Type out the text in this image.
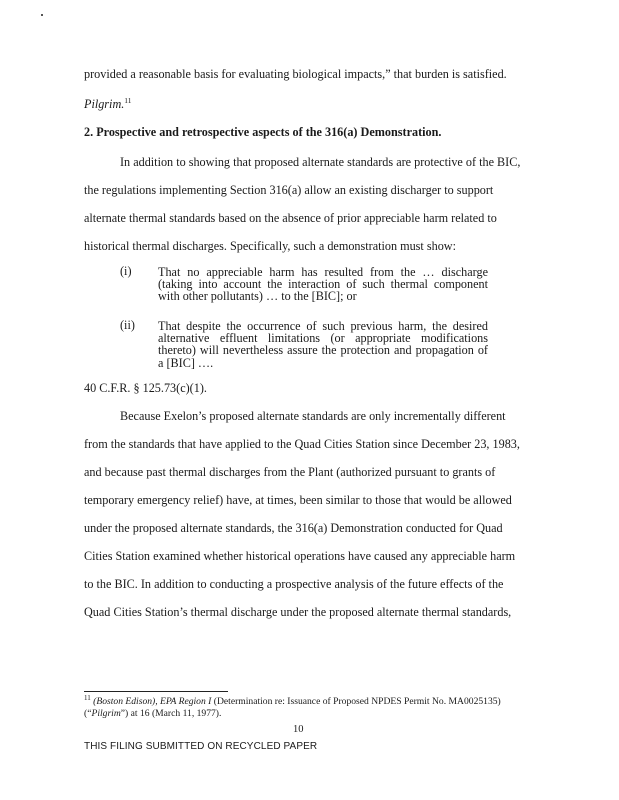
provided a reasonable basis for evaluating biological impacts,” that burden is satisfied.
Pilgrim.$^{11}$
2. Prospective and retrospective aspects of the 316(a) Demonstration.
In addition to showing that proposed alternate standards are protective of the BIC,
the regulations implementing Section 316(a) allow an existing discharger to support
alternate thermal standards based on the absence of prior appreciable harm related to
historical thermal discharges. Specifically, such a demonstration must show:
(i) That no appreciable harm has resulted from the … discharge (taking into account the interaction of such thermal component with other pollutants) … to the [BIC]; or
(ii) That despite the occurrence of such previous harm, the desired alternative effluent limitations (or appropriate modifications thereto) will nevertheless assure the protection and propagation of a [BIC] ….
40 C.F.R. § 125.73(c)(1).
Because Exelon’s proposed alternate standards are only incrementally different
from the standards that have applied to the Quad Cities Station since December 23, 1983,
and because past thermal discharges from the Plant (authorized pursuant to grants of
temporary emergency relief) have, at times, been similar to those that would be allowed
under the proposed alternate standards, the 316(a) Demonstration conducted for Quad
Cities Station examined whether historical operations have caused any appreciable harm
to the BIC. In addition to conducting a prospective analysis of the future effects of the
Quad Cities Station’s thermal discharge under the proposed alternate thermal standards,
$^{11}$ (Boston Edison), EPA Region I (Determination re: Issuance of Proposed NPDES Permit No. MA0025135)
(“Pilgrim”) at 16 (March 11, 1977).
10
THIS FILING SUBMITTED ON RECYCLED PAPER
